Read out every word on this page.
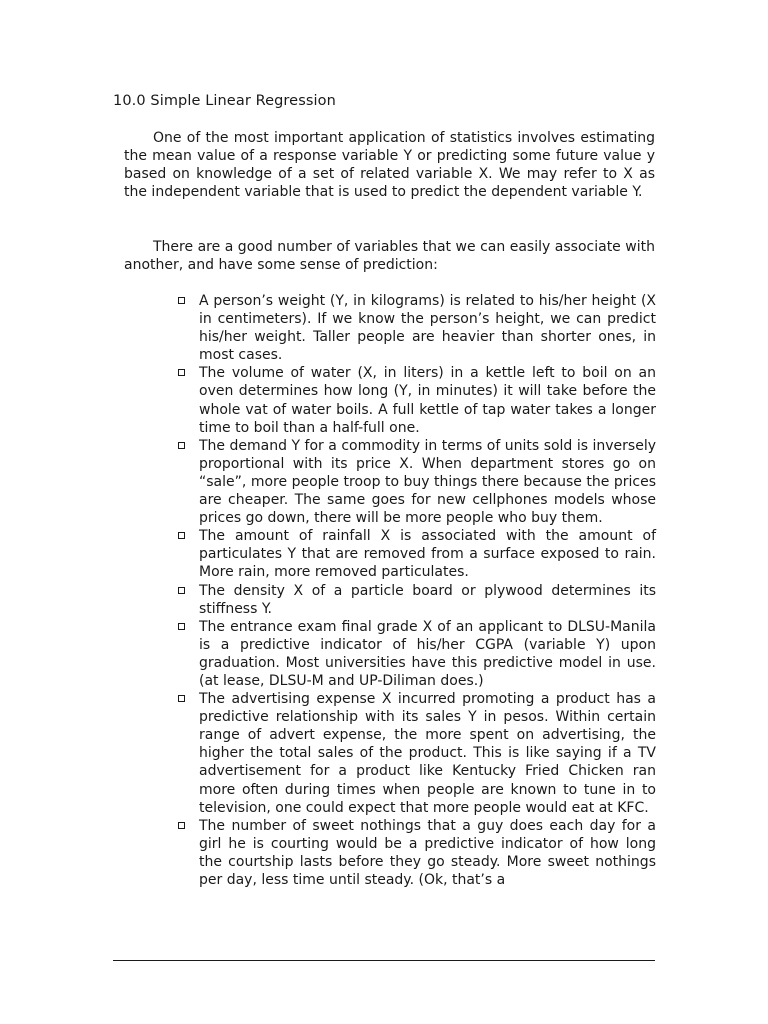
10.0 Simple Linear Regression

One of the most important application of statistics involves estimating the mean value of a response variable Y or predicting some future value y based on knowledge of a set of related variable X. We may refer to X as the independent variable that is used to predict the dependent variable Y.

There are a good number of variables that we can easily associate with another, and have some sense of prediction:

A person’s weight (Y, in kilograms) is related to his/her height (X in centimeters). If we know the person’s height, we can predict his/her weight. Taller people are heavier than shorter ones, in most cases.
The volume of water (X, in liters) in a kettle left to boil on an oven determines how long (Y, in minutes) it will take before the whole vat of water boils. A full kettle of tap water takes a longer time to boil than a half-full one.
The demand Y for a commodity in terms of units sold is inversely proportional with its price X. When department stores go on “sale”, more people troop to buy things there because the prices are cheaper. The same goes for new cellphones models whose prices go down, there will be more people who buy them.
The amount of rainfall X is associated with the amount of particulates Y that are removed from a surface exposed to rain. More rain, more removed particulates.
The density X of a particle board or plywood determines its stiffness Y.
The entrance exam final grade X of an applicant to DLSU-Manila is a predictive indicator of his/her CGPA (variable Y) upon graduation. Most universities have this predictive model in use. (at lease, DLSU-M and UP-Diliman does.)
The advertising expense X incurred promoting a product has a predictive relationship with its sales Y in pesos. Within certain range of advert expense, the more spent on advertising, the higher the total sales of the product. This is like saying if a TV advertisement for a product like Kentucky Fried Chicken ran more often during times when people are known to tune in to television, one could expect that more people would eat at KFC.
The number of sweet nothings that a guy does each day for a girl he is courting would be a predictive indicator of how long the courtship lasts before they go steady. More sweet nothings per day, less time until steady. (Ok, that’s a
